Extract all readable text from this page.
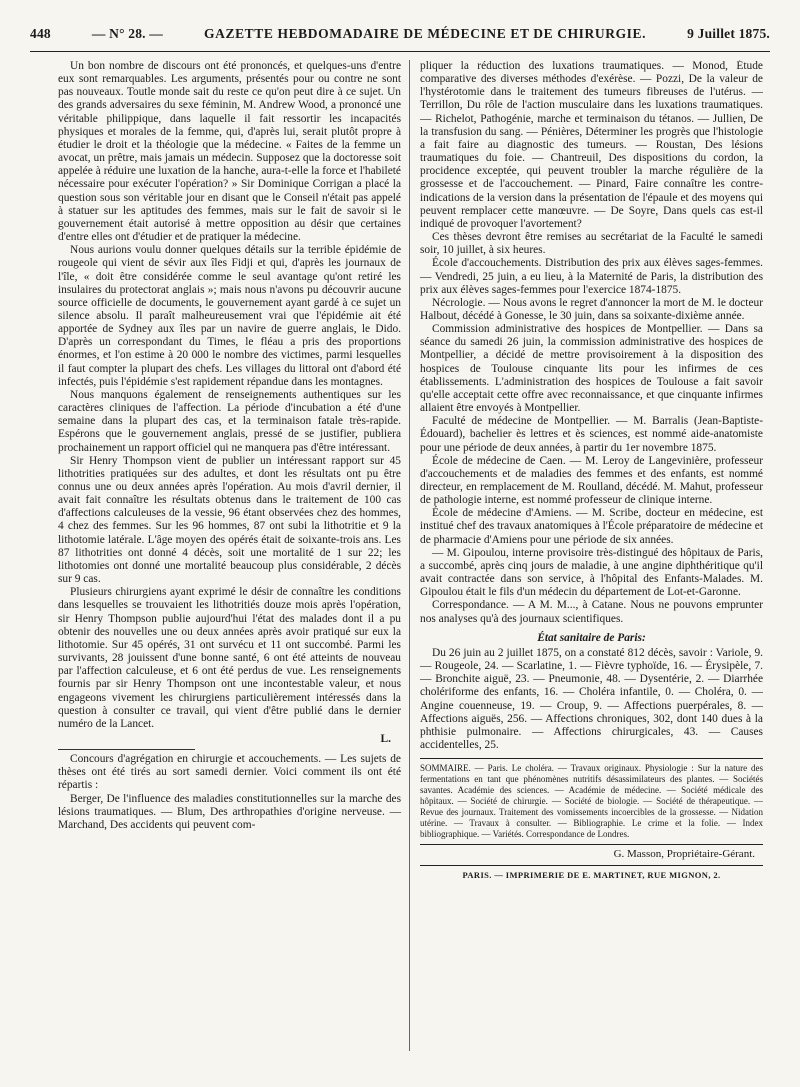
448	— N° 28. —	GAZETTE HEBDOMADAIRE DE MÉDECINE ET DE CHIRURGIE.	9 Juillet 1875.

Un bon nombre de discours ont été prononcés, et quelques-uns d'entre eux sont remarquables. Les arguments, présentés pour ou contre ne sont pas nouveaux. Toutle monde sait du reste ce qu'on peut dire à ce sujet. Un des grands adversaires du sexe féminin, M. Andrew Wood, a prononcé une véritable philippique, dans laquelle il fait ressortir les incapacités physiques et morales de la femme, qui, d'après lui, serait plutôt propre à étudier le droit et la théologie que la médecine. « Faites de la femme un avocat, un prêtre, mais jamais un médecin. Supposez que la doctoresse soit appelée à réduire une luxation de la hanche, aura-t-elle la force et l'habileté nécessaire pour exécuter l'opération? » Sir Dominique Corrigan a placé la question sous son véritable jour en disant que le Conseil n'était pas appelé à statuer sur les aptitudes des femmes, mais sur le fait de savoir si le gouvernement était autorisé à mettre opposition au désir que certaines d'entre elles ont d'étudier et de pratiquer la médecine.

Nous aurions voulu donner quelques détails sur la terrible épidémie de rougeole qui vient de sévir aux îles Fidji et qui, d'après les journaux de l'île, « doit être considérée comme le seul avantage qu'ont retiré les insulaires du protectorat anglais »; mais nous n'avons pu découvrir aucune source officielle de documents, le gouvernement ayant gardé à ce sujet un silence absolu. Il paraît malheureusement vrai que l'épidémie ait été apportée de Sydney aux îles par un navire de guerre anglais, le Dido. D'après un correspondant du Times, le fléau a pris des proportions énormes, et l'on estime à 20 000 le nombre des victimes, parmi lesquelles il faut compter la plupart des chefs. Les villages du littoral ont d'abord été infectés, puis l'épidémie s'est rapidement répandue dans les montagnes.

Nous manquons également de renseignements authentiques sur les caractères cliniques de l'affection. La période d'incubation a été d'une semaine dans la plupart des cas, et la terminaison fatale très-rapide. Espérons que le gouvernement anglais, pressé de se justifier, publiera prochainement un rapport officiel qui ne manquera pas d'être intéressant.

Sir Henry Thompson vient de publier un intéressant rapport sur 45 lithotrities pratiquées sur des adultes, et dont les résultats ont pu être connus une ou deux années après l'opération. Au mois d'avril dernier, il avait fait connaître les résultats obtenus dans le traitement de 100 cas d'affections calculeuses de la vessie, 96 étant observées chez des hommes, 4 chez des femmes. Sur les 96 hommes, 87 ont subi la lithotritie et 9 la lithotomie latérale. L'âge moyen des opérés était de soixante-trois ans. Les 87 lithotrities ont donné 4 décès, soit une mortalité de 1 sur 22; les lithotomies ont donné une mortalité beaucoup plus considérable, 2 décès sur 9 cas.

Plusieurs chirurgiens ayant exprimé le désir de connaître les conditions dans lesquelles se trouvaient les lithotritiés douze mois après l'opération, sir Henry Thompson publie aujourd'hui l'état des malades dont il a pu obtenir des nouvelles une ou deux années après avoir pratiqué sur eux la lithotomie. Sur 45 opérés, 31 ont survécu et 11 ont succombé. Parmi les survivants, 28 jouissent d'une bonne santé, 6 ont été atteints de nouveau par l'affection calculeuse, et 6 ont été perdus de vue. Les renseignements fournis par sir Henry Thompson ont une incontestable valeur, et nous engageons vivement les chirurgiens particulièrement intéressés dans la question à consulter ce travail, qui vient d'être publié dans le dernier numéro de la Lancet.

L.

Concours d'agrégation en chirurgie et accouchements. — Les sujets de thèses ont été tirés au sort samedi dernier. Voici comment ils ont été répartis :

Berger, De l'influence des maladies constitutionnelles sur la marche des lésions traumatiques. — Blum, Des arthropathies d'origine nerveuse. — Marchand, Des accidents qui peuvent com-

pliquer la réduction des luxations traumatiques. — Monod, Étude comparative des diverses méthodes d'exérèse. — Pozzi, De la valeur de l'hystérotomie dans le traitement des tumeurs fibreuses de l'utérus. — Terrillon, Du rôle de l'action musculaire dans les luxations traumatiques. — Richelot, Pathogénie, marche et terminaison du tétanos. — Jullien, De la transfusion du sang. — Pénières, Déterminer les progrès que l'histologie a fait faire au diagnostic des tumeurs. — Roustan, Des lésions traumatiques du foie. — Chantreuil, Des dispositions du cordon, la procidence exceptée, qui peuvent troubler la marche régulière de la grossesse et de l'accouchement. — Pinard, Faire connaître les contre-indications de la version dans la présentation de l'épaule et des moyens qui peuvent remplacer cette manœuvre. — De Soyre, Dans quels cas est-il indiqué de provoquer l'avortement?

Ces thèses devront être remises au secrétariat de la Faculté le samedi soir, 10 juillet, à six heures.

École d'accouchements. Distribution des prix aux élèves sages-femmes. — Vendredi, 25 juin, a eu lieu, à la Maternité de Paris, la distribution des prix aux élèves sages-femmes pour l'exercice 1874-1875.

Nécrologie. — Nous avons le regret d'annoncer la mort de M. le docteur Halbout, décédé à Gonesse, le 30 juin, dans sa soixante-dixième année.

Commission administrative des hospices de Montpellier. — Dans sa séance du samedi 26 juin, la commission administrative des hospices de Montpellier, a décidé de mettre provisoirement à la disposition des hospices de Toulouse cinquante lits pour les infirmes de ces établissements. L'administration des hospices de Toulouse a fait savoir qu'elle acceptait cette offre avec reconnaissance, et que cinquante infirmes allaient être envoyés à Montpellier.

Faculté de médecine de Montpellier. — M. Barralis (Jean-Baptiste-Édouard), bachelier ès lettres et ès sciences, est nommé aide-anatomiste pour une période de deux années, à partir du 1er novembre 1875.

École de médecine de Caen. — M. Leroy de Langevinière, professeur d'accouchements et de maladies des femmes et des enfants, est nommé directeur, en remplacement de M. Roulland, décédé. M. Mahut, professeur de pathologie interne, est nommé professeur de clinique interne.

École de médecine d'Amiens. — M. Scribe, docteur en médecine, est institué chef des travaux anatomiques à l'École préparatoire de médecine et de pharmacie d'Amiens pour une période de six années.

— M. Gipoulou, interne provisoire très-distingué des hôpitaux de Paris, a succombé, après cinq jours de maladie, à une angine diphthéritique qu'il avait contractée dans son service, à l'hôpital des Enfants-Malades. M. Gipoulou était le fils d'un médecin du département de Lot-et-Garonne.

Correspondance. — A M. M..., à Catane. Nous ne pouvons emprunter nos analyses qu'à des journaux scientifiques.

État sanitaire de Paris:

Du 26 juin au 2 juillet 1875, on a constaté 812 décès, savoir : Variole, 9. — Rougeole, 24. — Scarlatine, 1. — Fièvre typhoïde, 16. — Érysipèle, 7. — Bronchite aiguë, 23. — Pneumonie, 48. — Dysentérie, 2. — Diarrhée cholériforme des enfants, 16. — Choléra infantile, 0. — Choléra, 0. — Angine couenneuse, 19. — Croup, 9. — Affections puerpérales, 8. — Affections aiguës, 256. — Affections chroniques, 302, dont 140 dues à la phthisie pulmonaire. — Affections chirurgicales, 43. — Causes accidentelles, 25.

SOMMAIRE. — Paris. Le choléra. — Travaux originaux. Physiologie : Sur la nature des fermentations en tant que phénomènes nutritifs désassimilateurs des plantes. — Sociétés savantes. Académie des sciences. — Académie de médecine. — Société médicale des hôpitaux. — Société de chirurgie. — Société de biologie. — Société de thérapeutique. — Revue des journaux. Traitement des vomissements incoercibles de la grossesse. — Nidation utérine. — Travaux à consulter. — Bibliographie. Le crime et la folie. — Index bibliographique. — Variétés. Correspondance de Londres.
G. Masson, Propriétaire-Gérant.
PARIS. — IMPRIMERIE DE E. MARTINET, RUE MIGNON, 2.
